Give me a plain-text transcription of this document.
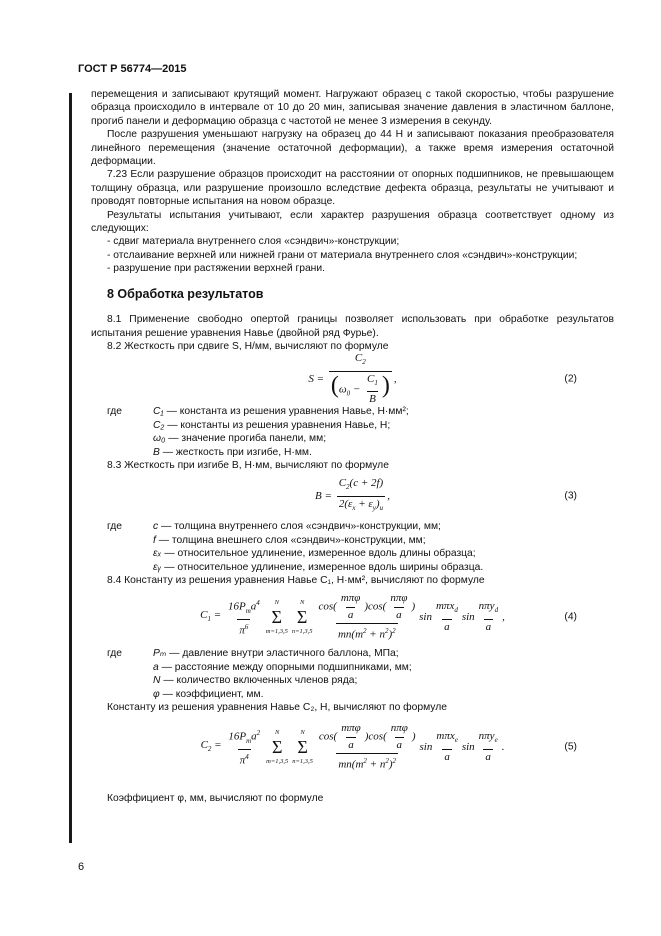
ГОСТ Р 56774—2015

перемещения и записывают крутящий момент. Нагружают образец с такой скоростью, чтобы разрушение образца происходило в интервале от 10 до 20 мин, записывая значение давления в эластичном баллоне, прогиб панели и деформацию образца с частотой не менее 3 измерения в секунду.

После разрушения уменьшают нагрузку на образец до 44 Н и записывают показания преобразователя линейного перемещения (значение остаточной деформации), а также время измерения остаточной деформации.

7.23 Если разрушение образцов происходит на расстоянии от опорных подшипников, не превышающем толщину образца, или разрушение произошло вследствие дефекта образца, результаты не учитывают и проводят повторные испытания на новом образце.

Результаты испытания учитывают, если характер разрушения образца соответствует одному из следующих:

- сдвиг материала внутреннего слоя «сэндвич»-конструкции;

- отслаивание верхней или нижней грани от материала внутреннего слоя «сэндвич»-конструкции;

- разрушение при растяжении верхней грани.

8 Обработка результатов

8.1 Применение свободно опертой границы позволяет использовать при обработке результатов испытания решение уравнения Навье (двойной ряд Фурье).

8.2 Жесткость при сдвиге S, Н/мм, вычисляют по формуле

$S = \frac{C_2}{(\omega_0 - \frac{C_1}{B} )}$ ,	(2)
где	C₁ — константа из решения уравнения Навье, Н·мм²;
C₂ — константы из решения уравнения Навье, Н;
ω₀ — значение прогиба панели, мм;
B — жесткость при изгибе, Н·мм.

8.3 Жесткость при изгибе B, Н·мм, вычисляют по формуле

$B = \frac{C_2(c + 2f)}{2(\varepsilon_x + \varepsilon_y)_u}$ ,	(3)
где	c — толщина внутреннего слоя «сэндвич»-конструкции, мм;
f — толщина внешнего слоя «сэндвич»-конструкции, мм;
εₓ — относительное удлинение, измеренное вдоль длины образца;
εᵧ — относительное удлинение, измеренное вдоль ширины образца.

8.4 Константу из решения уравнения Навье C₁, Н·мм², вычисляют по формуле

$C_1 = \frac{16P_ma^4}{\pi^6}$ N
Σ
m=1,3,5
N
Σ
$n=1,3,5 \frac{\cos( \frac{\text{mπφ}}{a} )\cos( \frac{\text{nπφ}}{a} )}{mn(m^2 + n^2)^2}$ $\sin \frac{m\pi x_d}{a}$ $\sin \frac{n\pi y_d}{a}$ ,	(4)
где	Pₘ — давление внутри эластичного баллона, МПа;
a — расстояние между опорными подшипниками, мм;
N — количество включенных членов ряда;
φ — коэффициент, мм.

Константу из решения уравнения Навье C₂, Н, вычисляют по формуле

$C_2 = \frac{16P_ma^2}{\pi^4}$ N
Σ
m=1,3,5
N
Σ
$n=1,3,5 \frac{\cos( \frac{\text{mπφ}}{a} )\cos( \frac{\text{nπφ}}{a} )}{mn(m^2 + n^2)^2}$ $\sin \frac{m\pi x_e}{a}$ $\sin \frac{n\pi y_e}{a}$ .	(5)

Коэффициент φ, мм, вычисляют по формуле

6
